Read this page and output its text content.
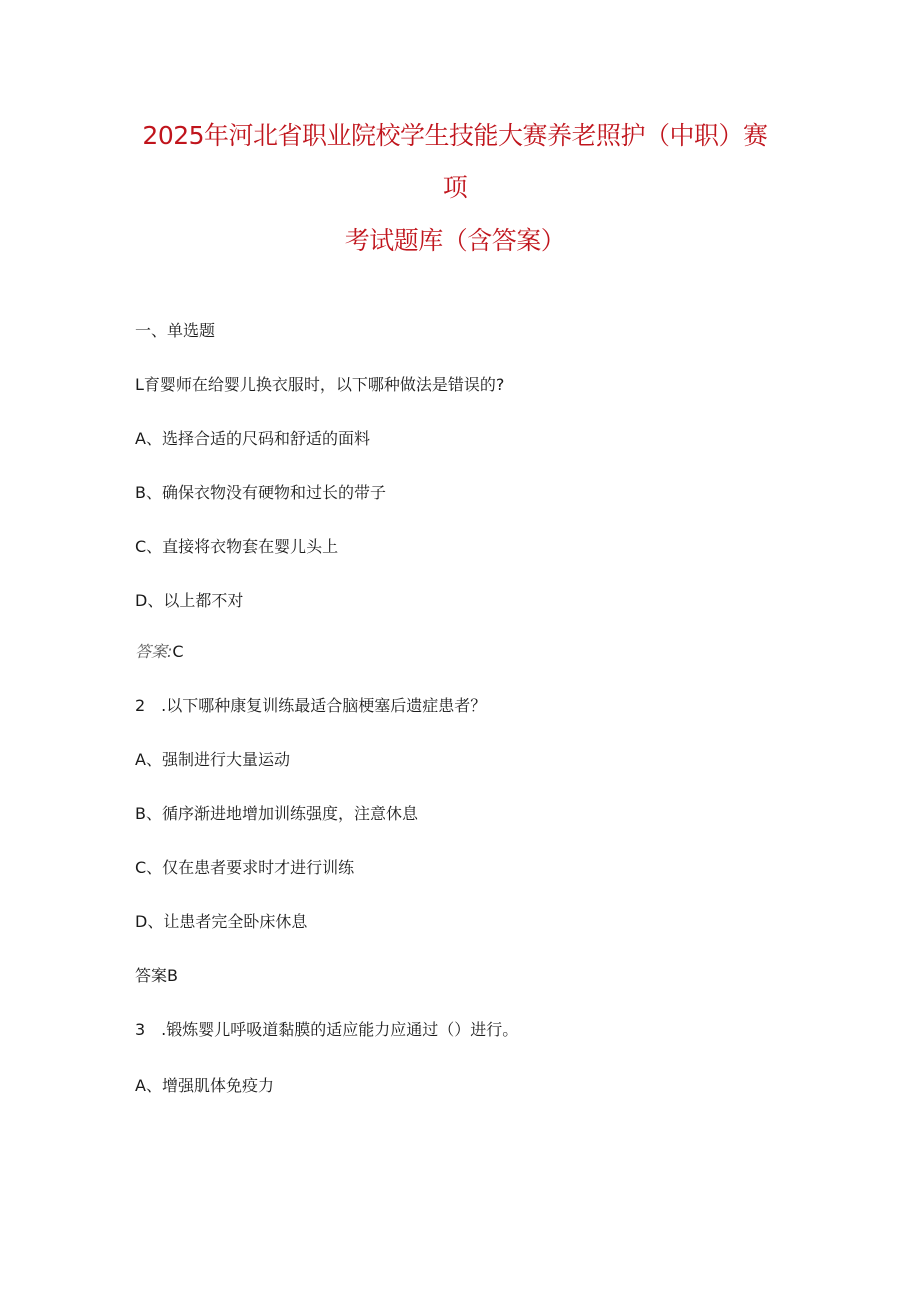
2025年河北省职业院校学生技能大赛养老照护（中职）赛
项
考试题库（含答案）
一、单选题
L育婴师在给婴儿换衣服时，以下哪种做法是错误的?
A、选择合适的尺码和舒适的面料
B、确保衣物没有硬物和过长的带子
C、直接将衣物套在婴儿头上
D、以上都不对
答案:C
2　.以下哪种康复训练最适合脑梗塞后遗症患者？
A、强制进行大量运动
B、循序渐进地增加训练强度，注意休息
C、仅在患者要求时才进行训练
D、让患者完全卧床休息
答案B
3　.锻炼婴儿呼吸道黏膜的适应能力应通过（）进行。
A、增强肌体免疫力
